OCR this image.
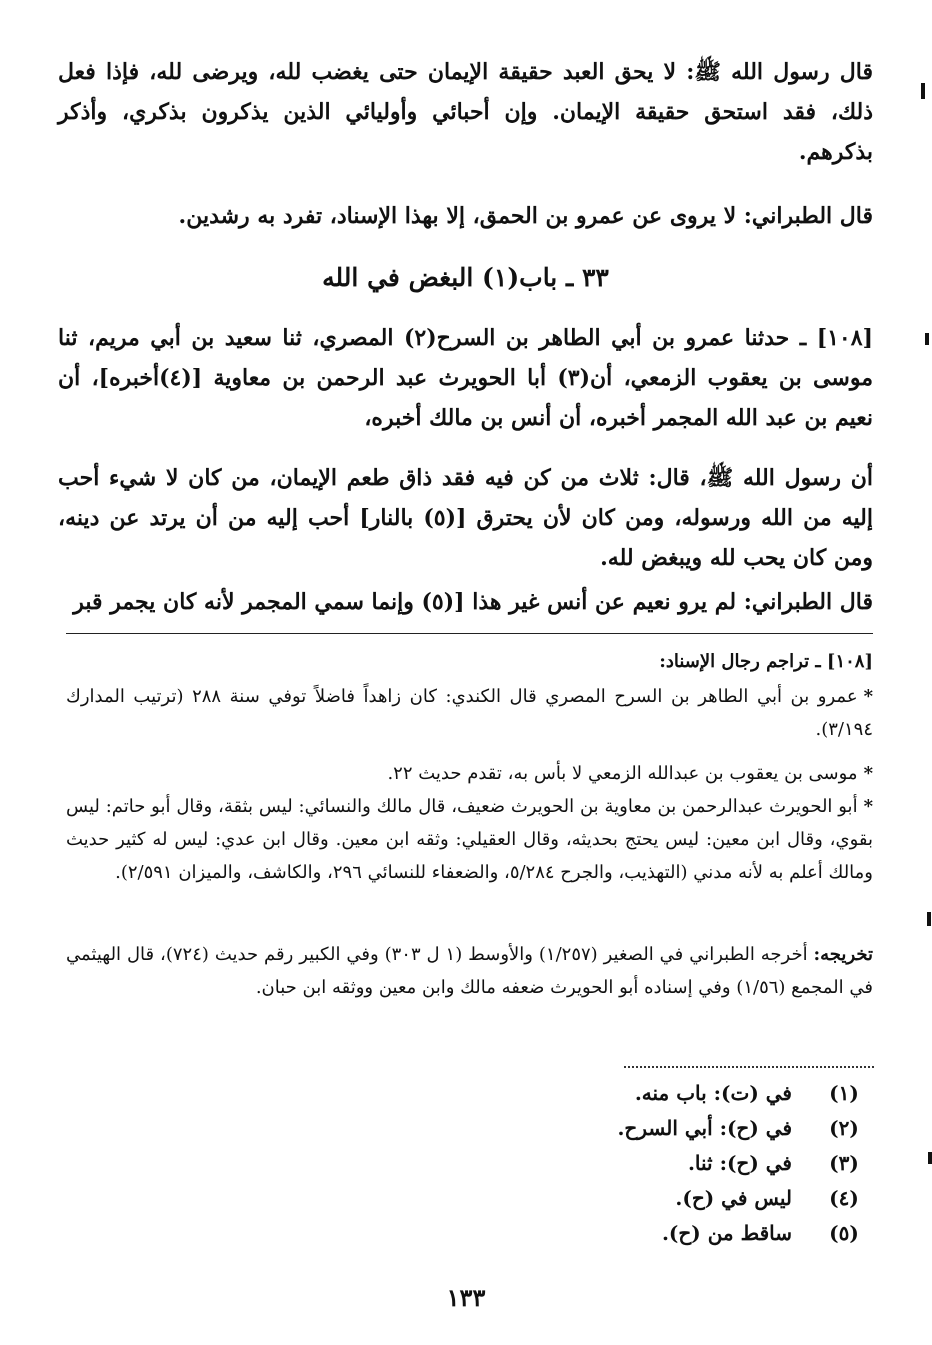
قال رسول الله ﷺ: لا يحق العبد حقيقة الإيمان حتى يغضب لله، ويرضى لله، فإذا فعل ذلك، فقد استحق حقيقة الإيمان. وإن أحبائي وأوليائي الذين يذكرون بذكري، وأذكر بذكرهم.

قال الطبراني: لا يروى عن عمرو بن الحمق، إلا بهذا الإسناد، تفرد به رشدين.

٣٣ ـ باب(١) البغض في الله

[١٠٨] ـ حدثنا عمرو بن أبي الطاهر بن السرح(٢) المصري، ثنا سعيد بن أبي مريم، ثنا موسى بن يعقوب الزمعي، أن(٣) أبا الحويرث عبد الرحمن بن معاوية [(٤)أخبره]، أن نعيم بن عبد الله المجمر أخبره، أن أنس بن مالك أخبره،

أن رسول الله ﷺ، قال: ثلاث من كن فيه فقد ذاق طعم الإيمان، من كان لا شيء أحب إليه من الله ورسوله، ومن كان لأن يحترق [(٥) بالنار] أحب إليه من أن يرتد عن دينه، ومن كان يحب لله ويبغض لله.

قال الطبراني: لم يرو نعيم عن أنس غير هذا [(٥) وإنما سمي المجمر لأنه كان يجمر قبر

[١٠٨] ـ تراجم رجال الإسناد:

*عمرو بن أبي الطاهر بن السرح المصري قال الكندي: كان زاهداً فاضلاً توفي سنة ٢٨٨ (ترتيب المدارك ٣/١٩٤).

*موسى بن يعقوب بن عبدالله الزمعي لا بأس به، تقدم حديث ٢٢.

*أبو الحويرث عبدالرحمن بن معاوية بن الحويرث ضعيف، قال مالك والنسائي: ليس بثقة، وقال أبو حاتم: ليس بقوي، وقال ابن معين: ليس يحتج بحديثه، وقال العقيلي: وثقه ابن معين. وقال ابن عدي: ليس له كثير حديث ومالك أعلم به لأنه مدني (التهذيب، والجرح ٥/٢٨٤، والضعفاء للنسائي ٢٩٦، والكاشف، والميزان ٢/٥٩١).

تخريجه: أخرجه الطبراني في الصغير (١/٢٥٧) والأوسط (١ ل ٣٠٣) وفي الكبير رقم حديث (٧٢٤)، قال الهيثمي في المجمع (١/٥٦) وفي إسناده أبو الحويرث ضعفه مالك وابن معين ووثقه ابن حبان.

(١)
في (ت): باب منه.
(٢)
في (ح): أبي السرح.
(٣)
في (ح): ثنا.
(٤)
ليس في (ح).
(٥)
ساقط من (ح).
١٣٣
